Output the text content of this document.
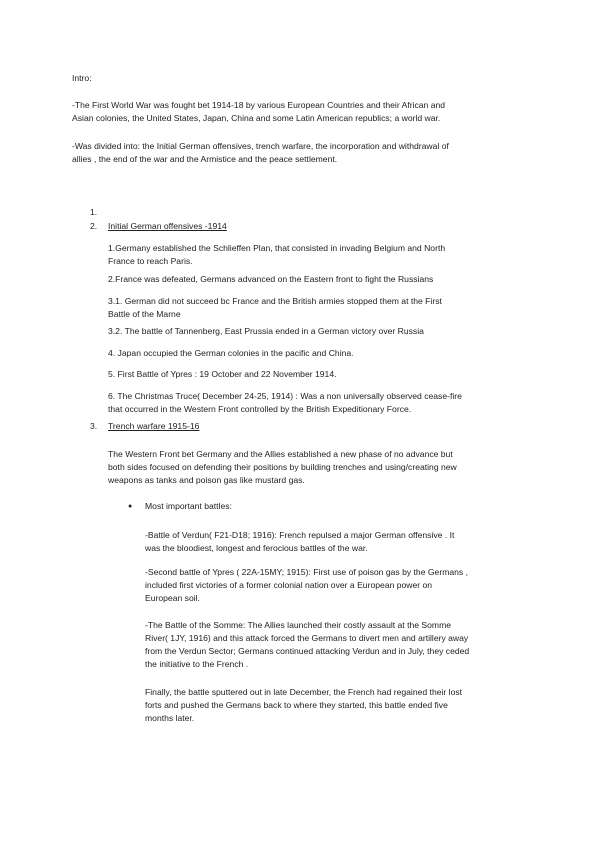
Intro:

-The First World War was fought bet 1914-18 by various European Countries and their African and
Asian colonies, the United States, Japan, China and some Latin American republics; a world war.

-Was divided into: the Initial German offensives, trench warfare, the incorporation and withdrawal of
allies , the end of the war and the Armistice and the peace settlement.

1.

2. Initial German offensives -1914

1.Germany established the Schlieffen Plan, that consisted in invading Belgium and North
France to reach Paris.

2.France was defeated, Germans advanced on the Eastern front to fight the Russians

3.1. German did not succeed bc France and the British armies stopped them at the First
Battle of the Marne

3.2. The battle of Tannenberg, East Prussia ended in a German victory over Russia

4. Japan occupied the German colonies in the pacific and China.

5. First Battle of Ypres : 19 October and 22 November 1914.

6. The Christmas Truce( December 24-25, 1914) : Was a non universally observed cease-fire
that occurred in the Western Front controlled by the British Expeditionary Force.

3. Trench warfare 1915-16

The Western Front bet Germany and the Allies established a new phase of no advance but
both sides focused on defending their positions by building trenches and using/creating new
weapons as tanks and poison gas like mustard gas.

● Most important battles:

-Battle of Verdun( F21-D18; 1916): French repulsed a major German offensive . It
was the bloodiest, longest and ferocious battles of the war.

-Second battle of Ypres ( 22A-15MY; 1915): First use of poison gas by the Germans ,
included first victories of a former colonial nation over a European power on
European soil.

-The Battle of the Somme: The Allies launched their costly assault at the Somme
River( 1JY, 1916) and this attack forced the Germans to divert men and artillery away
from the Verdun Sector; Germans continued attacking Verdun and in July, they ceded
the initiative to the French .

Finally, the battle sputtered out in late December, the French had regained their lost
forts and pushed the Germans back to where they started, this battle ended five
months later.
